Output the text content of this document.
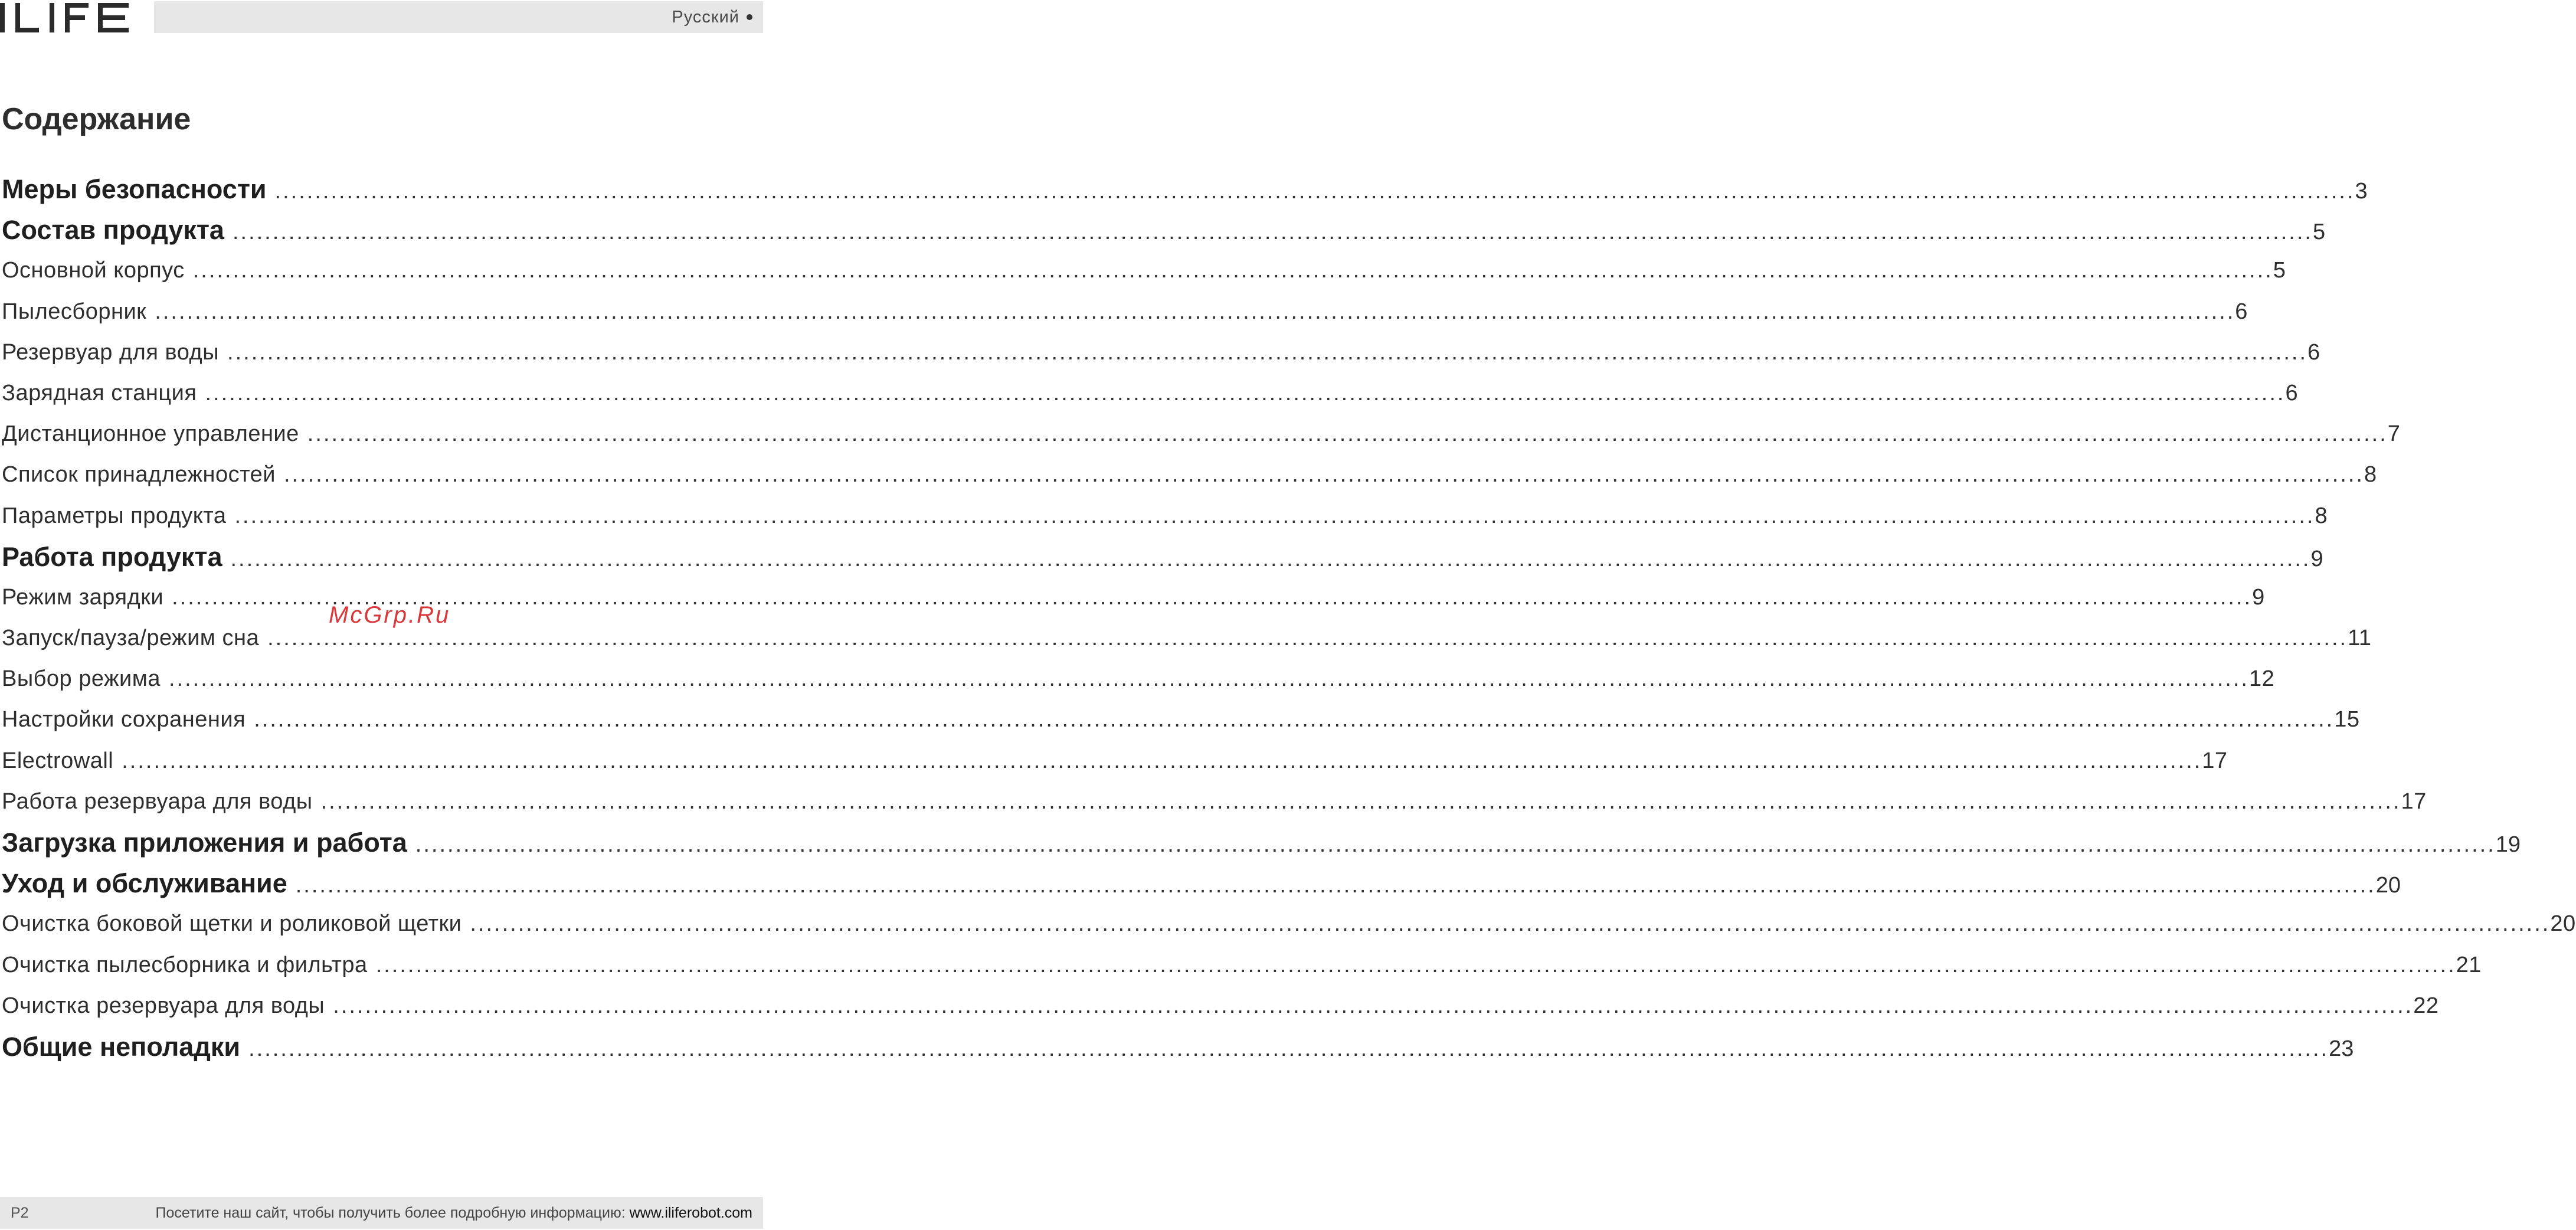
Русский
Содержание
Меры безопасности .................................................................................................................................................................................................................................................................... 3
Состав продукта .................................................................................................................................................................................................................................................................... 5
Основной корпус .................................................................................................................................................................................................................................................................... 5
Пылесборник .................................................................................................................................................................................................................................................................... 6
Резервуар для воды .................................................................................................................................................................................................................................................................... 6
Зарядная станция .................................................................................................................................................................................................................................................................... 6
Дистанционное управление .................................................................................................................................................................................................................................................................... 7
Список принадлежностей .................................................................................................................................................................................................................................................................... 8
Параметры продукта .................................................................................................................................................................................................................................................................... 8
Работа продукта .................................................................................................................................................................................................................................................................... 9
Режим зарядки .................................................................................................................................................................................................................................................................... 9
Запуск/пауза/режим сна .................................................................................................................................................................................................................................................................... 11
Выбор режима .................................................................................................................................................................................................................................................................... 12
Настройки сохранения .................................................................................................................................................................................................................................................................... 15
Electrowall .................................................................................................................................................................................................................................................................... 17
Работа резервуара для воды .................................................................................................................................................................................................................................................................... 17
Загрузка приложения и работа .................................................................................................................................................................................................................................................................... 19
Уход и обслуживание .................................................................................................................................................................................................................................................................... 20
Очистка боковой щетки и роликовой щетки .................................................................................................................................................................................................................................................................... 20
Очистка пылесборника и фильтра .................................................................................................................................................................................................................................................................... 21
Очистка резервуара для воды .................................................................................................................................................................................................................................................................... 22
Общие неполадки .................................................................................................................................................................................................................................................................... 23
McGrp.Ru
P2	Посетите наш сайт, чтобы получить более подробную информацию: www.iliferobot.com
